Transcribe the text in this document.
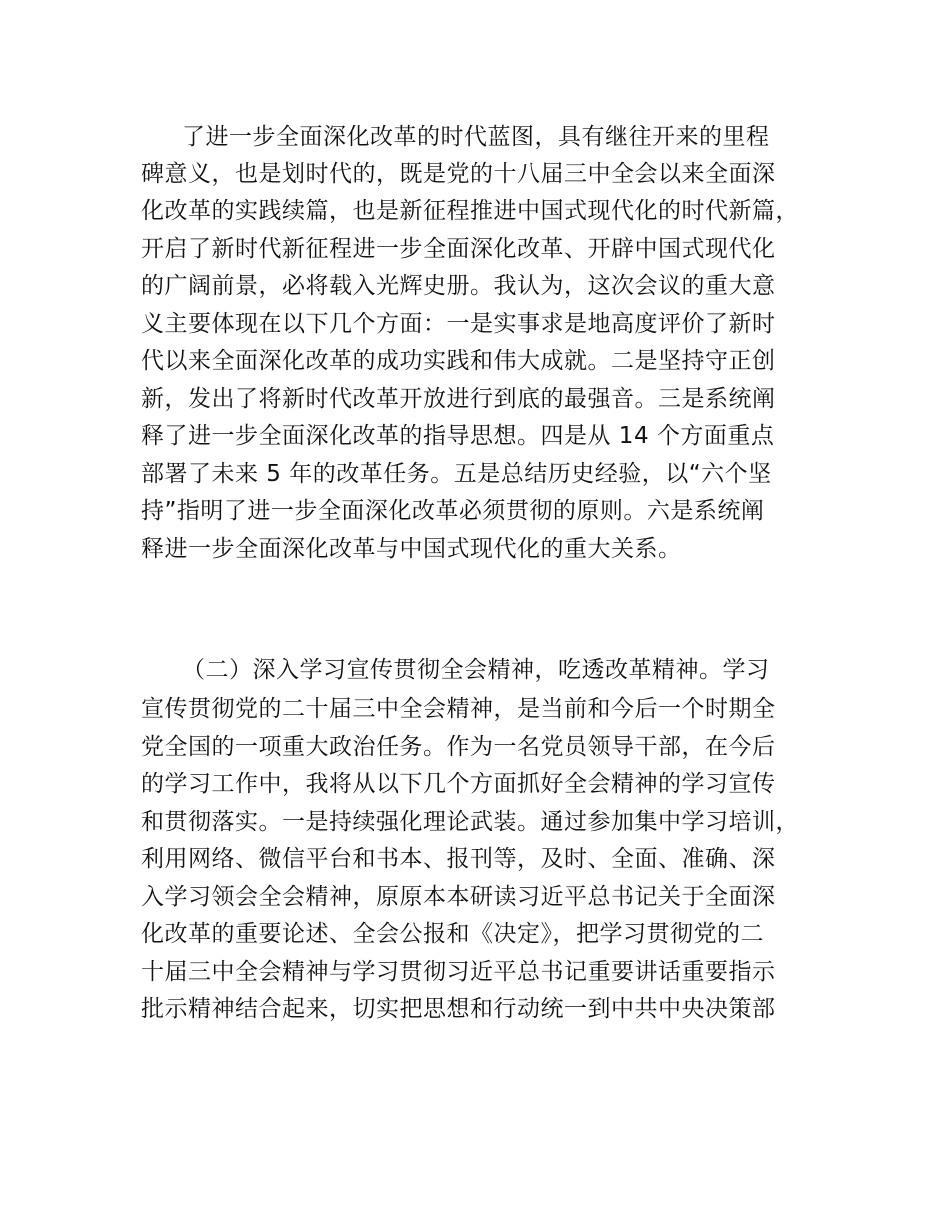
了进一步全面深化改革的时代蓝图，具有继往开来的里程
碑意义，也是划时代的，既是党的十八届三中全会以来全面深
化改革的实践续篇，也是新征程推进中国式现代化的时代新篇，
开启了新时代新征程进一步全面深化改革、开辟中国式现代化
的广阔前景，必将载入光辉史册。我认为，这次会议的重大意
义主要体现在以下几个方面：一是实事求是地高度评价了新时
代以来全面深化改革的成功实践和伟大成就。二是坚持守正创
新，发出了将新时代改革开放进行到底的最强音。三是系统阐
释了进一步全面深化改革的指导思想。四是从 14 个方面重点
部署了未来 5 年的改革任务。五是总结历史经验，以“六个坚
持”指明了进一步全面深化改革必须贯彻的原则。六是系统阐
释进一步全面深化改革与中国式现代化的重大关系。
（二）深入学习宣传贯彻全会精神，吃透改革精神。学习
宣传贯彻党的二十届三中全会精神，是当前和今后一个时期全
党全国的一项重大政治任务。作为一名党员领导干部，在今后
的学习工作中，我将从以下几个方面抓好全会精神的学习宣传
和贯彻落实。一是持续强化理论武装。通过参加集中学习培训，
利用网络、微信平台和书本、报刊等，及时、全面、准确、深
入学习领会全会精神，原原本本研读习近平总书记关于全面深
化改革的重要论述、全会公报和《决定》，把学习贯彻党的二
十届三中全会精神与学习贯彻习近平总书记重要讲话重要指示
批示精神结合起来，切实把思想和行动统一到中共中央决策部
